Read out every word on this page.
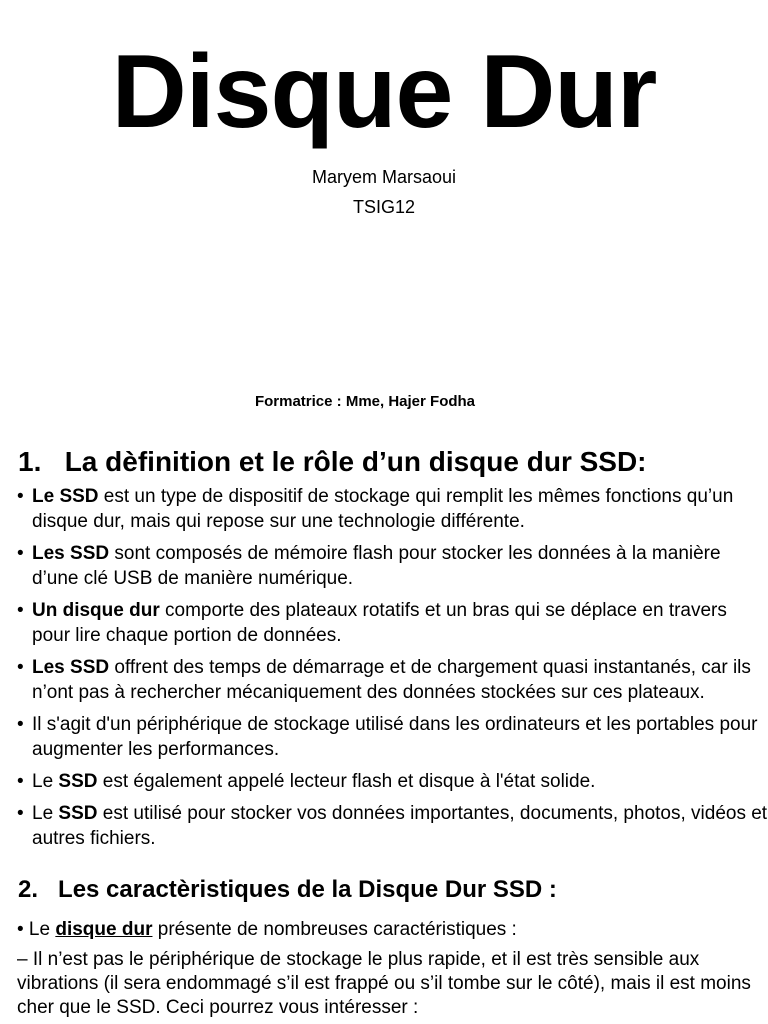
Disque Dur
Maryem Marsaoui
TSIG12
Formatrice : Mme, Hajer Fodha
1. La dèfinition et le rôle d’un disque dur SSD:
• Le SSD est un type de dispositif de stockage qui remplit les mêmes fonctions qu’un disque dur, mais qui repose sur une technologie différente.
• Les SSD sont composés de mémoire flash pour stocker les données à la manière d’une clé USB de manière numérique.
• Un disque dur comporte des plateaux rotatifs et un bras qui se déplace en travers pour lire chaque portion de données.
• Les SSD offrent des temps de démarrage et de chargement quasi instantanés, car ils n’ont pas à rechercher mécaniquement des données stockées sur ces plateaux.
• Il s'agit d'un périphérique de stockage utilisé dans les ordinateurs et les portables pour augmenter les performances.
• Le SSD est également appelé lecteur flash et disque à l'état solide.
• Le SSD est utilisé pour stocker vos données importantes, documents, photos, vidéos et autres fichiers.
2. Les caractèristiques de la Disque Dur SSD :

• Le disque dur présente de nombreuses caractéristiques :

– Il n’est pas le périphérique de stockage le plus rapide, et il est très sensible aux vibrations (il sera endommagé s’il est frappé ou s’il tombe sur le côté), mais il est moins cher que le SSD. Ceci pourrez vous intéresser :
